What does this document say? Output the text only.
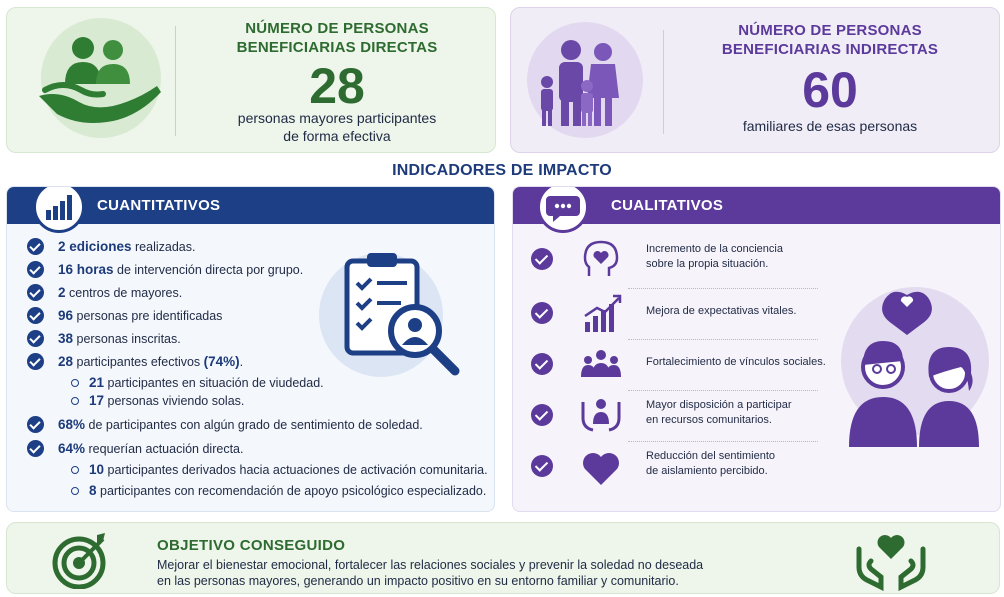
NÚMERO DE PERSONAS
BENEFICIARIAS DIRECTAS
28
personas mayores participantes
de forma efectiva
NÚMERO DE PERSONAS
BENEFICIARIAS INDIRECTAS
60
familiares de esas personas
INDICADORES DE IMPACTO
CUANTITATIVOS
2 ediciones realizadas.
16 horas de intervención directa por grupo.
2 centros de mayores.
96 personas pre identificadas
38 personas inscritas.
28 participantes efectivos (74%).
21 participantes en situación de viudedad.
17 personas viviendo solas.
68% de participantes con algún grado de sentimiento de soledad.
64% requerían actuación directa.
10 participantes derivados hacia actuaciones de activación comunitaria.
8 participantes con recomendación de apoyo psicológico especializado.
CUALITATIVOS
Incremento de la conciencia
sobre la propia situación.
Mejora de expectativas vitales.
Fortalecimiento de vínculos sociales.
Mayor disposición a participar
en recursos comunitarios.
Reducción del sentimiento
de aislamiento percibido.
OBJETIVO CONSEGUIDO
Mejorar el bienestar emocional, fortalecer las relaciones sociales y prevenir la soledad no deseada
en las personas mayores, generando un impacto positivo en su entorno familiar y comunitario.
